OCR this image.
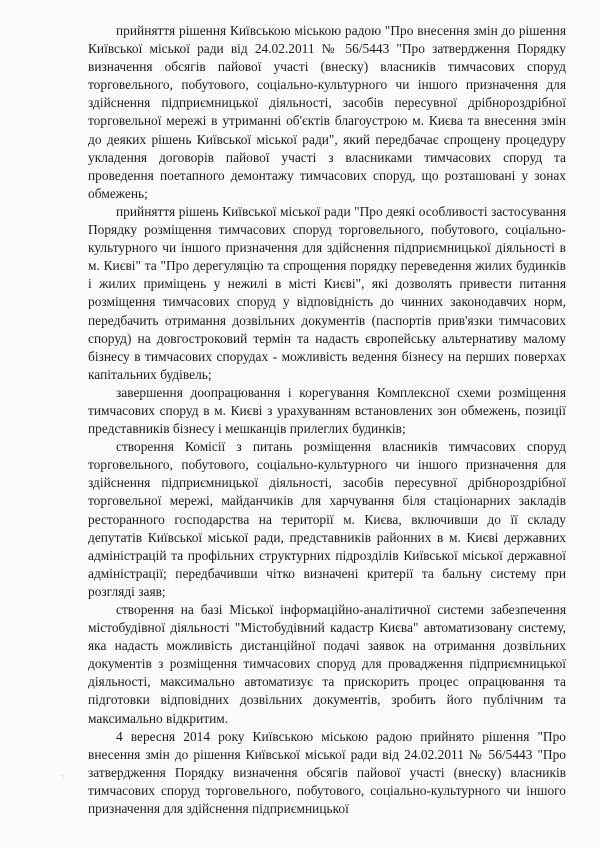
прийняття рішення Київською міською радою "Про внесення змін до рішення Київської міської ради від 24.02.2011 № 56/5443 "Про затвердження Порядку визначення обсягів пайової участі (внеску) власників тимчасових споруд торговельного, побутового, соціально-культурного чи іншого призначення для здійснення підприємницької діяльності, засобів пересувної дрібнороздрібної торговельної мережі в утриманні об'єктів благоустрою м. Києва та внесення змін до деяких рішень Київської міської ради", який передбачає спрощену процедуру укладення договорів пайової участі з власниками тимчасових споруд та проведення поетапного демонтажу тимчасових споруд, що розташовані у зонах обмежень;

прийняття рішень Київської міської ради "Про деякі особливості застосування Порядку розміщення тимчасових споруд торговельного, побутового, соціально-культурного чи іншого призначення для здійснення підприємницької діяльності в м. Києві" та "Про дерегуляцію та спрощення порядку переведення жилих будинків і жилих приміщень у нежилі в місті Києві", які дозволять привести питання розміщення тимчасових споруд у відповідність до чинних законодавчих норм, передбачить отримання дозвільних документів (паспортів прив'язки тимчасових споруд) на довгостроковий термін та надасть європейську альтернативу малому бізнесу в тимчасових спорудах - можливість ведення бізнесу на перших поверхах капітальних будівель;

завершення доопрацювання і корегування Комплексної схеми розміщення тимчасових споруд в м. Києві з урахуванням встановлених зон обмежень, позиції представників бізнесу і мешканців прилеглих будинків;

створення Комісії з питань розміщення власників тимчасових споруд торговельного, побутового, соціально-культурного чи іншого призначення для здійснення підприємницької діяльності, засобів пересувної дрібнороздрібної торговельної мережі, майданчиків для харчування біля стаціонарних закладів ресторанного господарства на території м. Києва, включивши до її складу депутатів Київської міської ради, представників районних в м. Києві державних адміністрацій та профільних структурних підрозділів Київської міської державної адміністрації; передбачивши чітко визначені критерії та бальну систему при розгляді заяв;

створення на базі Міської інформаційно-аналітичної системи забезпечення містобудівної діяльності "Містобудівний кадастр Києва" автоматизовану систему, яка надасть можливість дистанційної подачі заявок на отримання дозвільних документів з розміщення тимчасових споруд для провадження підприємницької діяльності, максимально автоматизує та прискорить процес опрацювання та підготовки відповідних дозвільних документів, зробить його публічним та максимально відкритим.

4 вересня 2014 року Київською міською радою прийнято рішення "Про внесення змін до рішення Київської міської ради від 24.02.2011 № 56/5443 "Про затвердження Порядку визначення обсягів пайової участі (внеску) власників тимчасових споруд торговельного, побутового, соціально-культурного чи іншого призначення для здійснення підприємницької

·:
